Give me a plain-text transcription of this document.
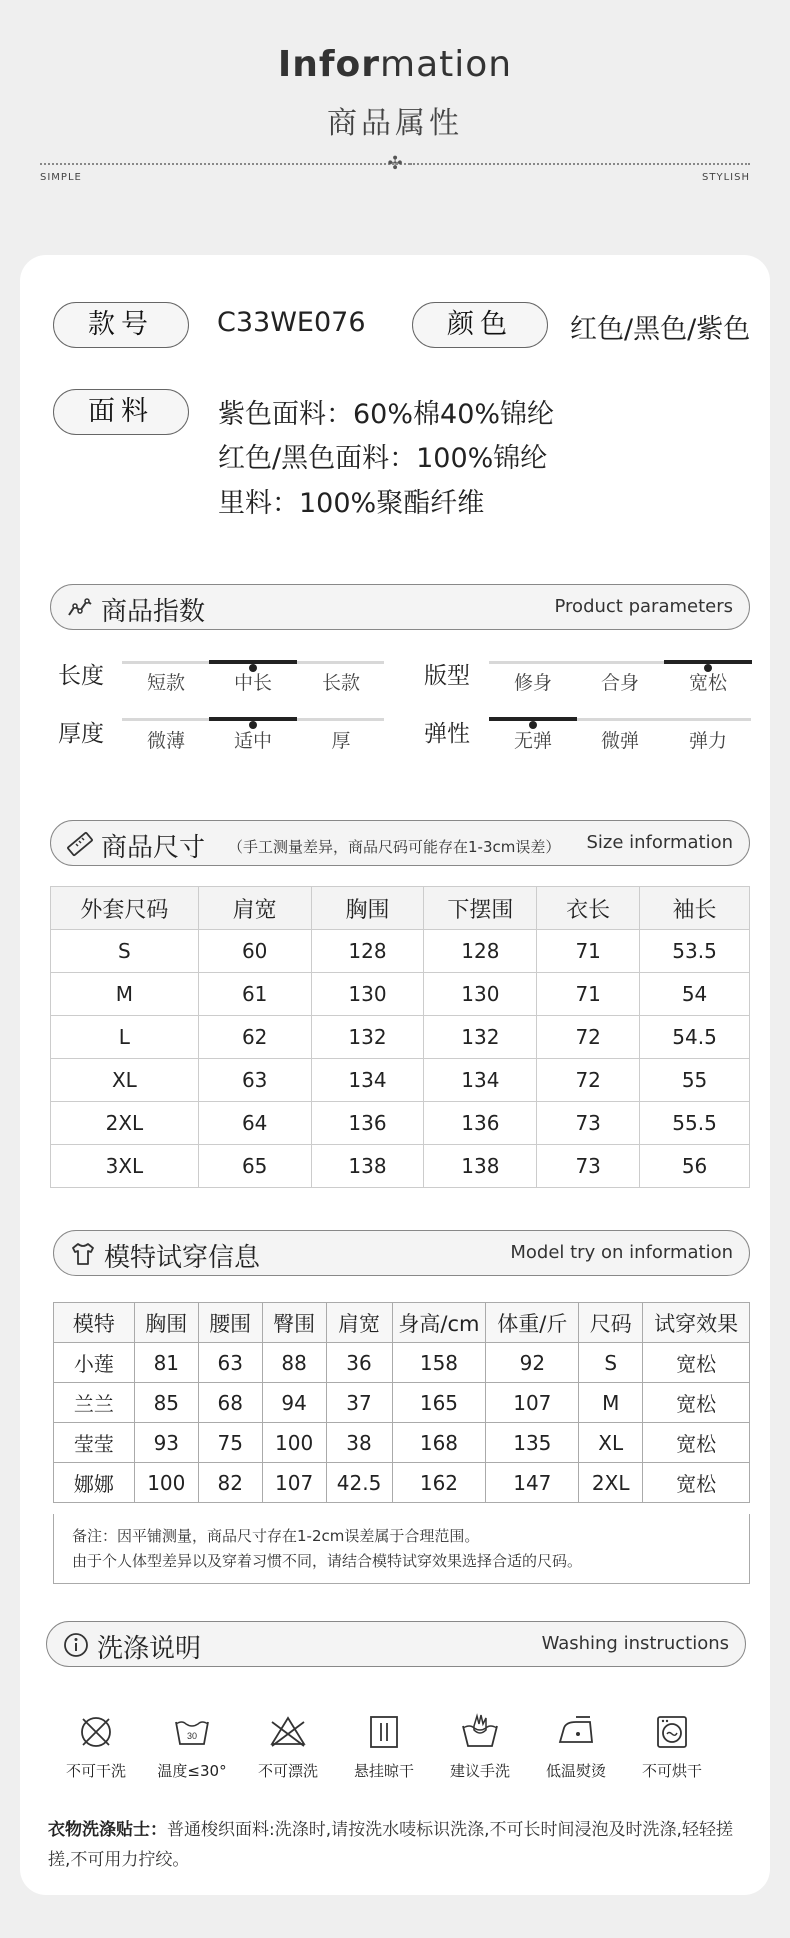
Information
商品属性
✣
SIMPLE	STYLISH
款号	C33WE076	颜色	红色/黑色/紫色
面料	紫色面料：60%棉40%锦纶
红色/黑色面料：100%锦纶
里料：100%聚酯纤维
商品指数	Product parameters
长度	短款	中长	长款	版型	修身	合身	宽松
厚度	微薄	适中	厚	弹性	无弹	微弹	弹力
商品尺寸 （手工测量差异，商品尺码可能存在1-3cm误差） Size information
外套尺码	肩宽	胸围	下摆围	衣长	袖长
S	60	128	128	71	53.5
M	61	130	130	71	54
L	62	132	132	72	54.5
XL	63	134	134	72	55
2XL	64	136	136	73	55.5
3XL	65	138	138	73	56
模特试穿信息	Model try on information
模特	胸围	腰围	臀围	肩宽	身高/cm	体重/斤	尺码	试穿效果
小莲	81	63	88	36	158	92	S	宽松
兰兰	85	68	94	37	165	107	M	宽松
莹莹	93	75	100	38	168	135	XL	宽松
娜娜	100	82	107	42.5	162	147	2XL	宽松
备注：因平铺测量，商品尺寸存在1-2cm误差属于合理范围。
由于个人体型差异以及穿着习惯不同，请结合模特试穿效果选择合适的尺码。
洗涤说明	Washing instructions
不可干洗
30
温度≤30°	不可漂洗	悬挂晾干	建议手洗	低温熨烫	不可烘干
衣物洗涤贴士：普通梭织面料:洗涤时,请按洗水唛标识洗涤,不可长时间浸泡及时洗涤,轻轻搓搓,不可用力拧绞。
